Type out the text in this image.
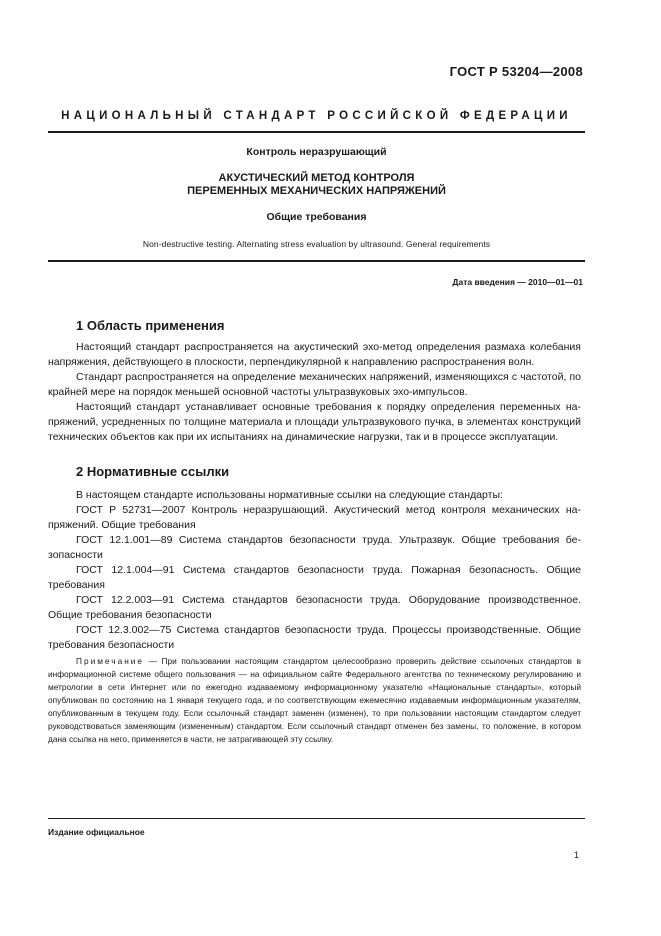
ГОСТ Р 53204—2008
НАЦИОНАЛЬНЫЙ СТАНДАРТ РОССИЙСКОЙ ФЕДЕРАЦИИ
Контроль неразрушающий
АКУСТИЧЕСКИЙ МЕТОД КОНТРОЛЯ
ПЕРЕМЕННЫХ МЕХАНИЧЕСКИХ НАПРЯЖЕНИЙ
Общие требования
Non-destructive testing. Alternating stress evaluation by ultrasound. General requirements
Дата введения — 2010—01—01
1 Область применения
Настоящий стандарт распространяется на акустический эхо-метод определения размаха колебания напряжения, действующего в плоскости, перпендикулярной к направлению распространения волн.
Стандарт распространяется на определение механических напряжений, изменяющихся с частотой, по крайней мере на порядок меньшей основной частоты ультразвуковых эхо-импульсов.
Настоящий стандарт устанавливает основные требования к порядку определения переменных напряжений, усредненных по толщине материала и площади ультразвукового пучка, в элементах конструкций технических объектов как при их испытаниях на динамические нагрузки, так и в процессе эксплуатации.
2 Нормативные ссылки
В настоящем стандарте использованы нормативные ссылки на следующие стандарты:
ГОСТ Р 52731—2007 Контроль неразрушающий. Акустический метод контроля механических напряжений. Общие требования
ГОСТ 12.1.001—89 Система стандартов безопасности труда. Ультразвук. Общие требования безопасности
ГОСТ 12.1.004—91 Система стандартов безопасности труда. Пожарная безопасность. Общие требования
ГОСТ 12.2.003—91 Система стандартов безопасности труда. Оборудование производственное. Общие требования безопасности
ГОСТ 12.3.002—75 Система стандартов безопасности труда. Процессы производственные. Общие требования безопасности
Примечание — При пользовании настоящим стандартом целесообразно проверить действие ссылочных стандартов в информационной системе общего пользования — на официальном сайте Федерального агентства по техническому регулированию и метрологии в сети Интернет или по ежегодно издаваемому информационному указателю «Национальные стандарты», который опубликован по состоянию на 1 января текущего года, и по соответствующим ежемесячно издаваемым информационным указателям, опубликованным в текущем году. Если ссылочный стандарт заменен (изменен), то при пользовании настоящим стандартом следует руководствоваться заменяющим (измененным) стандартом. Если ссылочный стандарт отменен без замены, то положение, в котором дана ссылка на него, применяется в части, не затрагивающей эту ссылку.
Издание официальное
1
